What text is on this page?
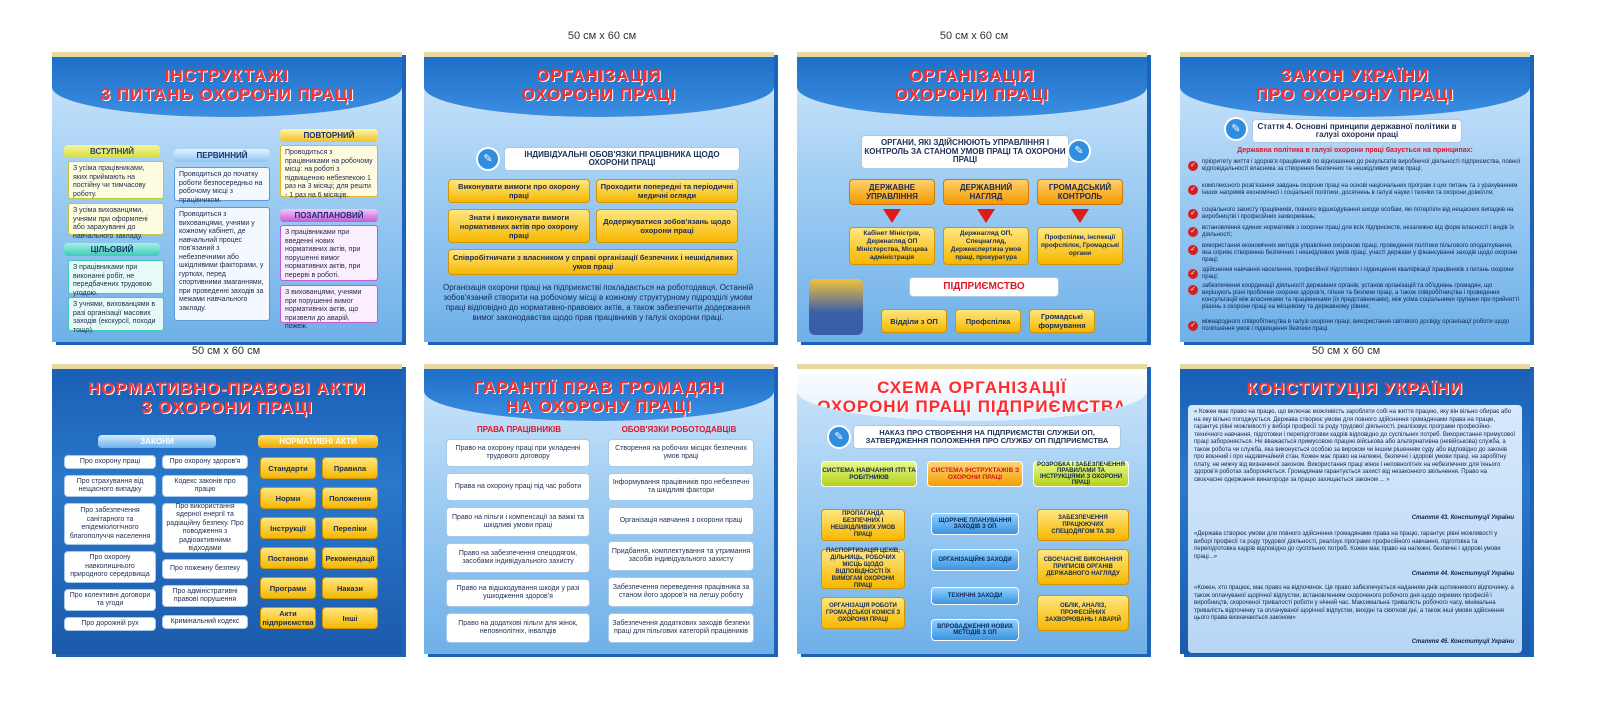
50 см х 60 см	50 см х 60 см
50 см х 60 см	50 см х 60 см
ІНСТРУКТАЖІ
З ПИТАНЬ ОХОРОНИ ПРАЦІ
ВСТУПНИЙ
З усіма працівниками, яких приймають на постійну чи тимчасову роботу.
З усіма вихованцями, учнями при оформлені або зарахуванні до навчального закладу.
ЦІЛЬОВИЙ
З працівниками при виконанні робіт, не передбачених трудовою угодою.
З учнями, вихованцями в разі організації масових заходів (екскурсії, походи тощо).
ПЕРВИННИЙ
Проводиться до початку роботи безпосередньо на робочому місці з працівником.
Проводиться з вихованцями, учнями у кожному кабінеті, де навчальний процес пов'язаний з небезпечними або шкідливими факторами, у гуртках, перед спортивними змаганнями, при проведенні заходів за межами навчального закладу.
ПОВТОРНИЙ
Проводиться з працівниками на робочому місці: на роботі з підвищеною небезпекою 1 раз на 3 місяці; для решти - 1 раз на 6 місяців.
ПОЗАПЛАНОВИЙ
З працівниками при введенні нових нормативних актів, при порушенні вимог нормативних актів, при перерві в роботі.
З вихованцями, учнями при порушенні вимог нормативних актів, що призвели до аварій, пожеж.
ОРГАНІЗАЦІЯ
ОХОРОНИ ПРАЦІ
✎	ІНДИВІДУАЛЬНІ ОБОВ'ЯЗКИ ПРАЦІВНИКА ЩОДО ОХОРОНИ ПРАЦІ
Виконувати вимоги про охорону праці
Проходити попередні та періодичні медичні огляди
Знати і виконувати вимоги нормативних актів про охорону праці
Додержуватися зобов'язань щодо охорони праці
Співробітничати з власником у справі організації безпечних і нешкідливих умов праці
Організація охорони праці на підприємстві покладається на роботодавця. Останній зобов'язаний створити на робочому місці в кожному структурному підрозділі умови праці відповідно до нормативно-правових актів, а також забезпечити додержання вимог законодавства щодо прав працівників у галузі охорони праці.
ОРГАНІЗАЦІЯ
ОХОРОНИ ПРАЦІ
ОРГАНИ, ЯКІ ЗДІЙСНЮЮТЬ УПРАВЛІННЯ І КОНТРОЛЬ ЗА СТАНОМ УМОВ ПРАЦІ ТА ОХОРОНИ ПРАЦІ
✎
ДЕРЖАВНЕ УПРАВЛІННЯ
ДЕРЖАВНИЙ НАГЛЯД
ГРОМАДСЬКИЙ КОНТРОЛЬ
Кабінет Міністрів, Держнагляд ОП Міністерства, Місцева адміністрація
Держнагляд ОП, Спецнагляд, Держекспертиза умов праці, прокуратура
Профспілки, інспекції профспілок, Громадські органи
ПІДПРИЄМСТВО
Відділи з ОП	Профспілка	Громадські формування
ЗАКОН УКРАЇНИ
ПРО ОХОРОНУ ПРАЦІ
✎	Стаття 4. Основні принципи державної політики в галузі охорони праці
Державна політика в галузі охорони праці базується на принципах:
✓	пріоритету життя і здоров'я працівників по відношенню до результатів виробничої діяльності підприємства, повної відповідальності власника за створення безпечних та нешкідливих умов праці;
✓	комплексного розв'язання завдань охорони праці на основі національних програм з цих питань та з урахуванням інших напрямів економічної і соціальної політики, досягнень в галузі науки і техніки та охорони довкілля;
✓	соціального захисту працівників, повного відшкодування шкоди особам, які потерпіли від нещасних випадків на виробництві і професійних захворювань;
✓	встановлення єдиних нормативів з охорони праці для всіх підприємств, незалежно від форм власності і видів їх діяльності;
✓	використання економічних методів управління охороною праці, проведення політики пільгового оподаткування, яка сприяє створенню безпечних і нешкідливих умов праці, участі держави у фінансуванні заходів щодо охорони праці;
✓	здійснення навчання населення, професійної підготовки і підвищення кваліфікації працівників з питань охорони праці;
✓	забезпечення координації діяльності державних органів, установ організацій та об'єднань громадян, що вирішують різні проблеми охорони здоров'я, гігієни та безпеки праці, а також співробітництва і проведення консультацій між власниками та працівниками (їх представниками), між усіма соціальними групами при прийнятті рішень з охорони праці на місцевому та державному рівнях;
✓	міжнародного співробітництва в галузі охорони праці, використання світового досвіду організації роботи щодо поліпшення умов і підвищення безпеки праці.
НОРМАТИВНО-ПРАВОВІ АКТИ
З ОХОРОНИ ПРАЦІ
ЗАКОНИ	НОРМАТИВНІ АКТИ
Про охорону праці
Про страхування від нещасного випадку
Про забезпечення санітарного та епідеміологічного благополуччя населення
Про охорону навколишнього природного середовища
Про колективні договори та угоди
Про дорожній рух
Про охорону здоров'я
Кодекс законів про працю
Про використання ядерної енергії та радіаційну безпеку. Про поводження з радіоактивними відходами
Про пожежну безпеку
Про адміністративні правові порушення
Кримінальний кодекс
Стандарти	Правила
Норми	Положення
Інструкції	Переліки
Постанови	Рекомендації
Програми	Накази
Акти підприємства	Інші
ГАРАНТІЇ ПРАВ ГРОМАДЯН
НА ОХОРОНУ ПРАЦІ
ПРАВА ПРАЦІВНИКІВ	ОБОВ'ЯЗКИ РОБОТОДАВЦІВ
Право на охорону праці при укладенні трудового договору
Права на охорону праці під час роботи
Право на пільги і компенсації за важкі та шкідливі умови праці
Право на забезпечення спецодягом, засобами індивідуального захисту
Право на відшкодування шкоди у разі ушкодження здоров'я
Право на додаткові пільги для жінок, неповнолітніх, інвалідів
Створення на робочих місцях безпечних умов праці
Інформування працівників про небезпечні та шкідливі фактори
Організація навчання з охорони праці
Придбання, комплектування та утримання засобів індивідуального захисту
Забезпечення переведення працівника за станом його здоров'я на легшу роботу
Забезпечення додаткових заходів безпеки праці для пільгових категорій працівників
СХЕМА ОРГАНІЗАЦІЇ
ОХОРОНИ ПРАЦІ ПІДПРИЄМСТВА
✎	НАКАЗ ПРО СТВОРЕННЯ НА ПІДПРИЄМСТВІ СЛУЖБИ ОП, ЗАТВЕРДЖЕННЯ ПОЛОЖЕННЯ ПРО СЛУЖБУ ОП ПІДПРИЄМСТВА
СИСТЕМА НАВЧАННЯ ІТП ТА РОБІТНИКІВ
СИСТЕМА ІНСТРУКТАЖІВ З ОХОРОНИ ПРАЦІ
РОЗРОБКА І ЗАБЕЗПЕЧЕННЯ ПРАВИЛАМИ ТА ІНСТРУКЦІЯМИ З ОХОРОНИ ПРАЦІ
ПРОПАГАНДА БЕЗПЕЧНИХ І НЕШКІДЛИВИХ УМОВ ПРАЦІ
ПАСПОРТИЗАЦІЯ ЦЕХІВ, ДІЛЬНИЦЬ, РОБОЧИХ МІСЦЬ ЩОДО ВІДПОВІДНОСТІ ЇХ ВИМОГАМ ОХОРОНИ ПРАЦІ
ОРГАНІЗАЦІЯ РОБОТИ ГРОМАДСЬКОЇ КОМІСІЇ З ОХОРОНИ ПРАЦІ
ЩОРІЧНЕ ПЛАНУВАННЯ ЗАХОДІВ З ОП
ОРГАНІЗАЦІЙНІ ЗАХОДИ
ТЕХНІЧНІ ЗАХОДИ
ВПРОВАДЖЕННЯ НОВИХ МЕТОДІВ З ОП
ЗАБЕЗПЕЧЕННЯ ПРАЦЮЮЧИХ СПЕЦОДЯГОМ ТА ЗІЗ
СВОЄЧАСНЕ ВИКОНАННЯ ПРИПИСІВ ОРГАНІВ ДЕРЖАВНОГО НАГЛЯДУ
ОБЛІК, АНАЛІЗ, ПРОФЕСІЙНИХ ЗАХВОРЮВАНЬ І АВАРІЙ
КОНСТИТУЦІЯ УКРАЇНИ
« Кожен має право на працю, що включає можливість заробляти собі на життя працею, яку він вільно обирає або на яку вільно погоджується. Держава створює умови для повного здійснення громадянами права на працю, гарантує рівні можливості у виборі професії та роду трудової діяльності, реалізовує програми професійно-технічного навчання, підготовки і перепідготовки кадрів відповідно до суспільних потреб. Використання примусової праці забороняється. Не вважається примусовою працею військова або альтернативна (невійськова) служба, а також робота чи служба, яка виконується особою за вироком чи іншим рішенням суду або відповідно до законів про воєнний і про надзвичайний стан. Кожен має право на належні, безпечні і здорові умови праці, на заробітну плату, не нижчу від визначеної законом. Використання праці жінок і неповнолітніх на небезпечних для їхнього здоров'я роботах забороняється. Громадянам гарантується захист від незаконного звільнення. Право на своєчасне одержання винагороди за працю захищається законом ... »
Стаття 43. Конституції України
«Держава створює умови для повного здійснення громадянами права на працю, гарантує рівні можливості у виборі професії та роду трудової діяльності, реалізує програми професійного навчання, підготовка та перепідготовка кадрів відповідно до суспільних потреб. Кожен має право на належні, безпечні і здорові умови праці...»
Стаття 44. Конституції України
«Кожен, хто працює, має право на відпочинок. Це право забезпечується наданням днів щотижневого відпочинку, а також оплачуваної щорічної відпустки, встановленням скороченого робочого дня щодо окремих професій і виробництв, скороченої тривалості роботи у нічний час. Максимальна тривалість робочого часу, мінімальна тривалість відпочинку та оплачуваної щорічної відпустки, вихідні та святкові дні, а також інші умови здійснення цього права визначаються законом»
Стаття 45. Конституції України
